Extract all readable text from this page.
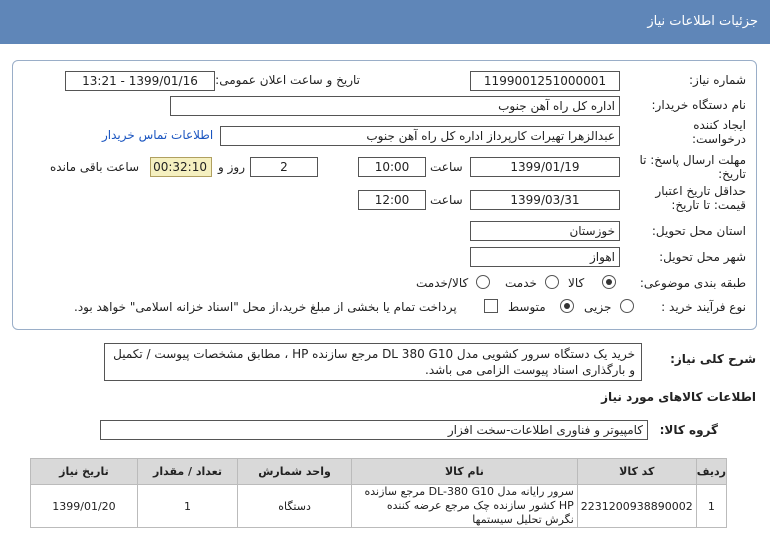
جزئیات اطلاعات نیاز
شماره نیاز:
1199001251000001
تاریخ و ساعت اعلان عمومی:
1399/01/16 - 13:21
نام دستگاه خریدار:
اداره کل راه آهن جنوب
ایجاد کننده درخواست:
عبدالزهرا تهیرات کارپرداز اداره کل راه آهن جنوب
اطلاعات تماس خریدار
مهلت ارسال پاسخ: تا تاریخ:
1399/01/19
ساعت
10:00
2
روز و
00:32:10
ساعت باقی مانده
حداقل تاریخ اعتبار قیمت: تا تاریخ:
1399/03/31
ساعت
12:00
استان محل تحویل:
خوزستان
شهر محل تحویل:
اهواز
طبقه بندی موضوعی:
کالا
خدمت
کالا/خدمت
نوع فرآیند خرید :
جزیی
متوسط
پرداخت تمام یا بخشی از مبلغ خرید،از محل "اسناد خزانه اسلامی" خواهد بود.
شرح کلی نیاز:
خرید یک دستگاه سرور کشویی مدل DL 380 G10 مرجع سازنده HP ، مطابق مشخصات پیوست / تکمیل و بارگذاری اسناد پیوست الزامی می باشد.
اطلاعات کالاهای مورد نیاز
گروه کالا:
کامپیوتر و فناوری اطلاعات-سخت افزار
ردیف	کد کالا	نام کالا	واحد شمارش	تعداد / مقدار	تاریخ نیاز
1	2231200938890002	سرور رایانه مدل DL-380 G10 مرجع سازنده HP کشور سازنده چک مرجع عرضه کننده نگرش تحلیل سیستمها	دستگاه	1	1399/01/20
